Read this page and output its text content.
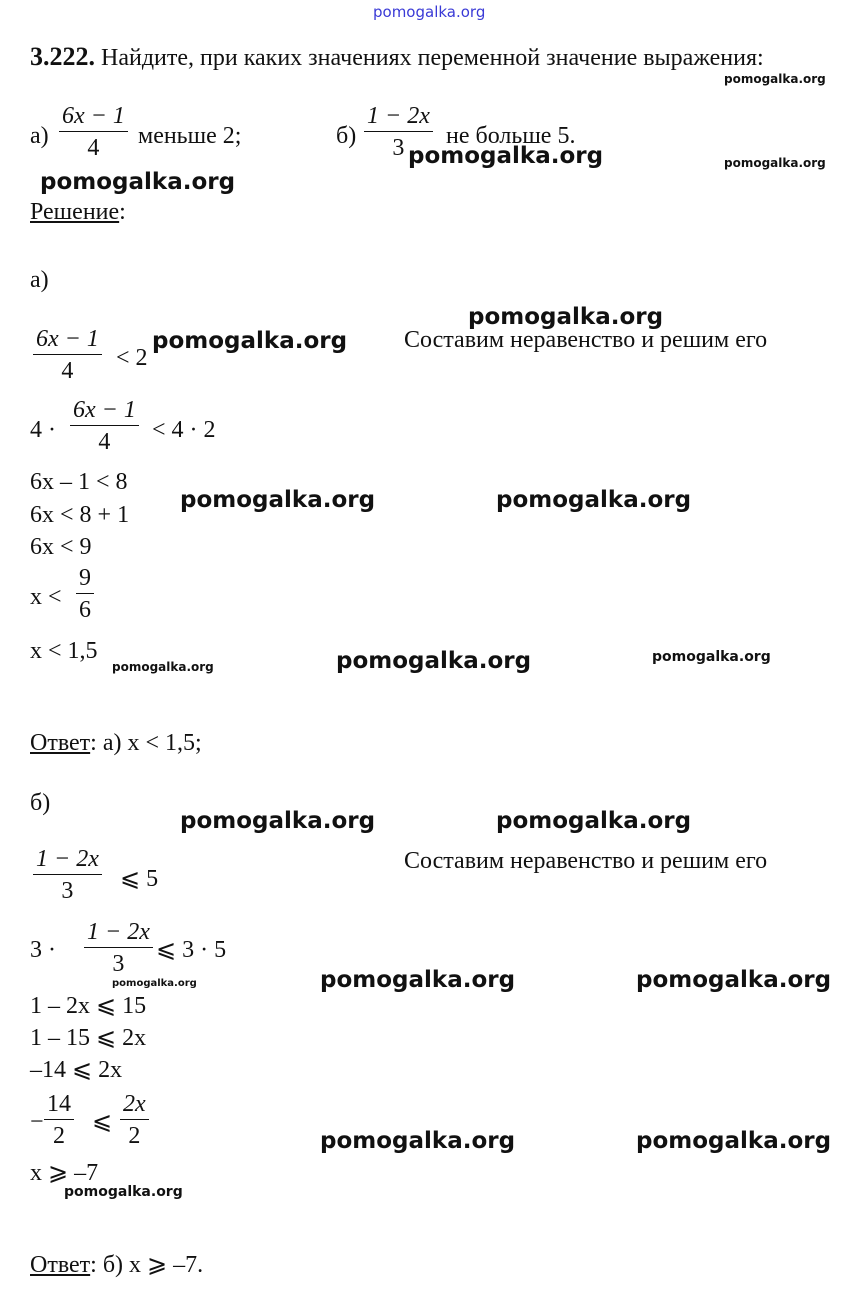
pomogalka.org
3.222. Найдите, при каких значениях переменной значение выражения:
pomogalka.org
$а) \frac{6x - 1}{4}$ меньше 2;	$б) \frac{1 - 2x}{3}$ не больше 5.
pomogalka.org	pomogalka.org
pomogalka.org
Решение:
а)
pomogalka.org
$\frac{6x - 1}{4} < 2$
pomogalka.org Составим неравенство и решим его
$4 \cdot \frac{6x - 1}{4} < 4 \cdot 2$
6x – 1 < 8
6x < 8 + 1
pomogalka.org	pomogalka.org
6x < 9
$x < \frac{9}{6}$
x < 1,5
pomogalka.org	pomogalka.org	pomogalka.org
Ответ: а) x < 1,5;
б)
pomogalka.org	pomogalka.org
$\frac{1 - 2x}{3}$ ⩽ 5
Составим неравенство и решим его
$3 \cdot \frac{1 - 2x}{3}$ ⩽ 3 · 5
pomogalka.org	pomogalka.org	pomogalka.org
1 – 2x ⩽ 15
1 – 15 ⩽ 2x
–14 ⩽ 2x
− $\frac{14}{2}$ ⩽ $\frac{2x}{2}$	pomogalka.org	pomogalka.org
x ⩾ –7
pomogalka.org
Ответ: б) x ⩾ –7.
